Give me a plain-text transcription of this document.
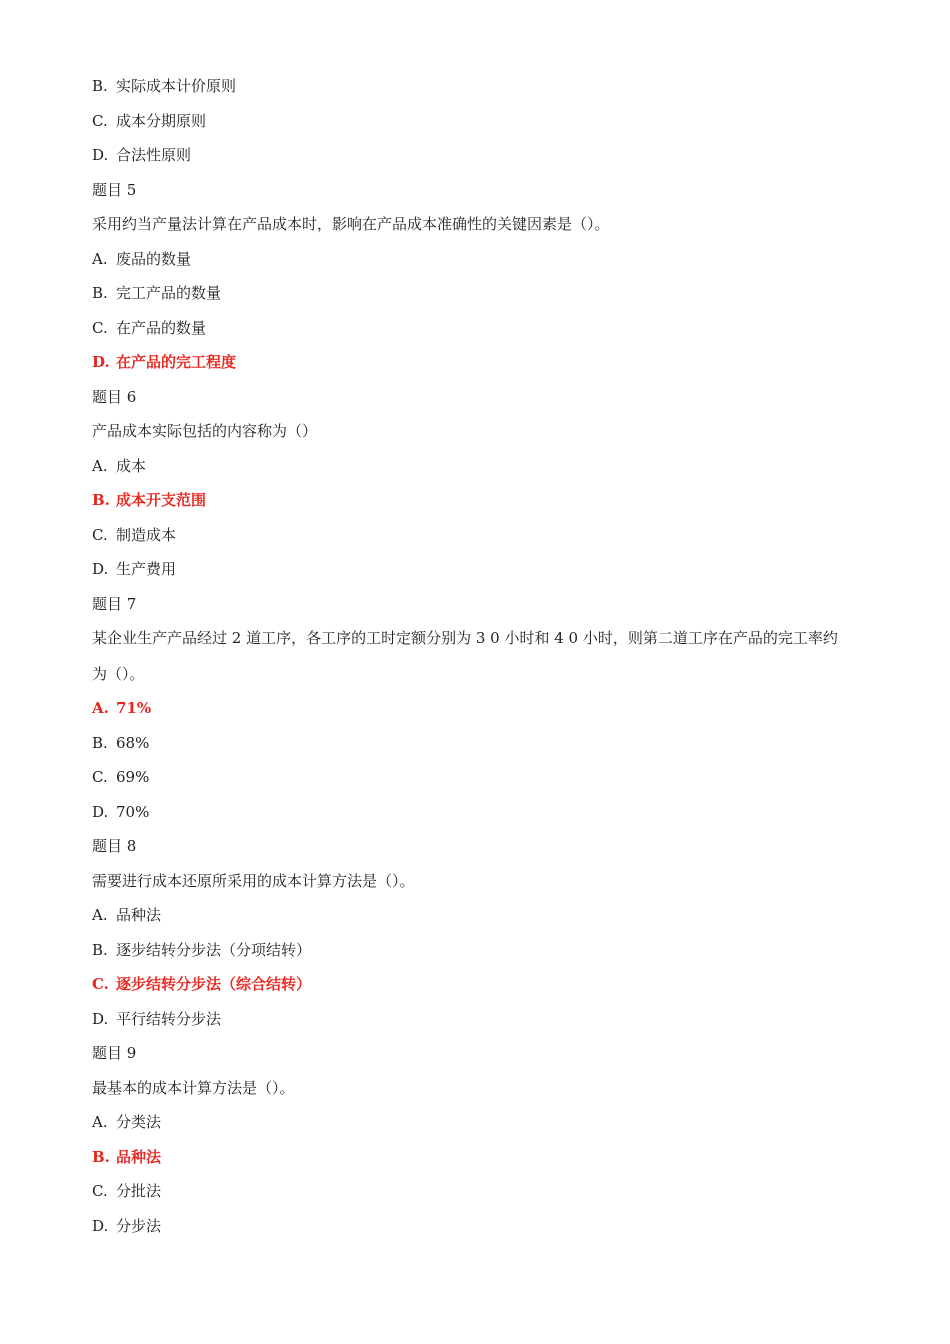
B. 实际成本计价原则
C. 成本分期原则
D. 合法性原则
题目 5
采用约当产量法计算在产品成本时，影响在产品成本准确性的关键因素是（）。
A. 废品的数量
B. 完工产品的数量
C. 在产品的数量
D. 在产品的完工程度
题目 6
产品成本实际包括的内容称为（）
A. 成本
B. 成本开支范围
C. 制造成本
D. 生产费用
题目 7
某企业生产产品经过 2 道工序，各工序的工时定额分别为 3 0 小时和 4 0 小时，则第二道工序在产品的完工率约为（）。
A. 71%
B. 68%
C. 69%
D. 70%
题目 8
需要进行成本还原所采用的成本计算方法是（）。
A. 品种法
B. 逐步结转分步法（分项结转）
C. 逐步结转分步法（综合结转）
D. 平行结转分步法
题目 9
最基本的成本计算方法是（）。
A. 分类法
B. 品种法
C. 分批法
D. 分步法
